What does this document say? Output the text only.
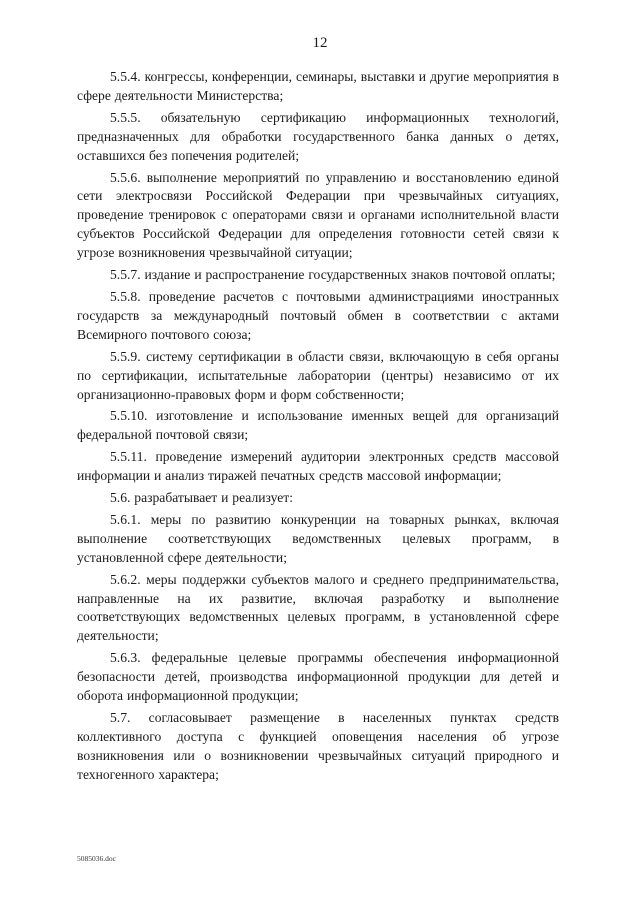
12

5.5.4. конгрессы, конференции, семинары, выставки и другие мероприятия в сфере деятельности Министерства;

5.5.5. обязательную сертификацию информационных технологий, предназначенных для обработки государственного банка данных о детях, оставшихся без попечения родителей;

5.5.6. выполнение мероприятий по управлению и восстановлению единой сети электросвязи Российской Федерации при чрезвычайных ситуациях, проведение тренировок с операторами связи и органами исполнительной власти субъектов Российской Федерации для определения готовности сетей связи к угрозе возникновения чрезвычайной ситуации;

5.5.7. издание и распространение государственных знаков почтовой оплаты;

5.5.8. проведение расчетов с почтовыми администрациями иностранных государств за международный почтовый обмен в соответствии с актами Всемирного почтового союза;

5.5.9. систему сертификации в области связи, включающую в себя органы по сертификации, испытательные лаборатории (центры) независимо от их организационно-правовых форм и форм собственности;

5.5.10. изготовление и использование именных вещей для организаций федеральной почтовой связи;

5.5.11. проведение измерений аудитории электронных средств массовой информации и анализ тиражей печатных средств массовой информации;

5.6. разрабатывает и реализует:

5.6.1. меры по развитию конкуренции на товарных рынках, включая выполнение соответствующих ведомственных целевых программ, в установленной сфере деятельности;

5.6.2. меры поддержки субъектов малого и среднего предпринимательства, направленные на их развитие, включая разработку и выполнение соответствующих ведомственных целевых программ, в установленной сфере деятельности;

5.6.3. федеральные целевые программы обеспечения информационной безопасности детей, производства информационной продукции для детей и оборота информационной продукции;

5.7. согласовывает размещение в населенных пунктах средств коллективного доступа с функцией оповещения населения об угрозе возникновения или о возникновении чрезвычайных ситуаций природного и техногенного характера;

5085036.doc
